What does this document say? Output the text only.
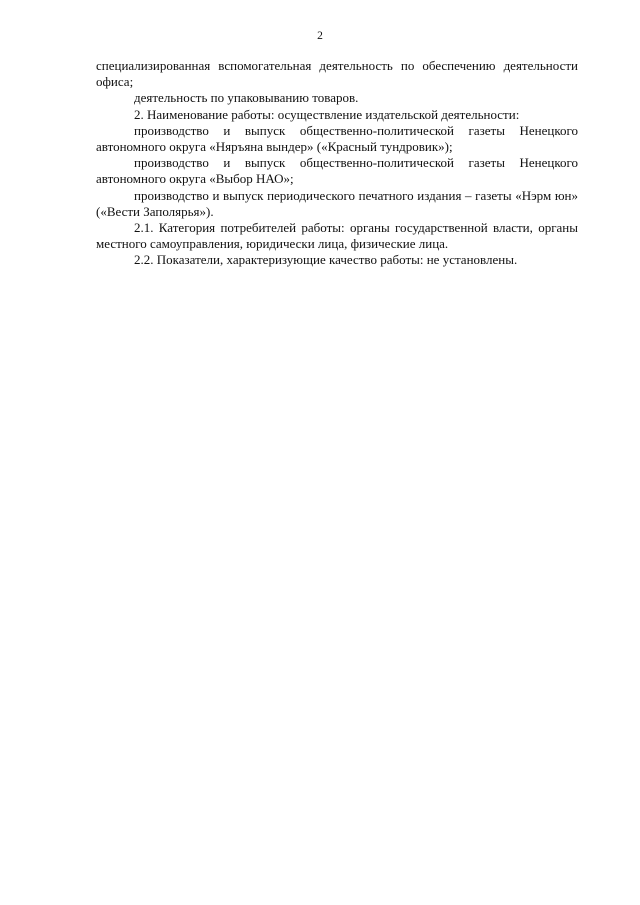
2

специализированная вспомогательная деятельность по обеспечению деятельности офиса;

деятельность по упаковыванию товаров.

2. Наименование работы: осуществление издательской деятельности:

производство и выпуск общественно-политической газеты Ненецкого автономного округа «Няръяна вындер» («Красный тундровик»);

производство и выпуск общественно-политической газеты Ненецкого автономного округа «Выбор НАО»;

производство и выпуск периодического печатного издания – газеты «Нэрм юн» («Вести Заполярья»).

2.1. Категория потребителей работы: органы государственной власти, органы местного самоуправления, юридически лица, физические лица.

2.2. Показатели, характеризующие качество работы: не установлены.
